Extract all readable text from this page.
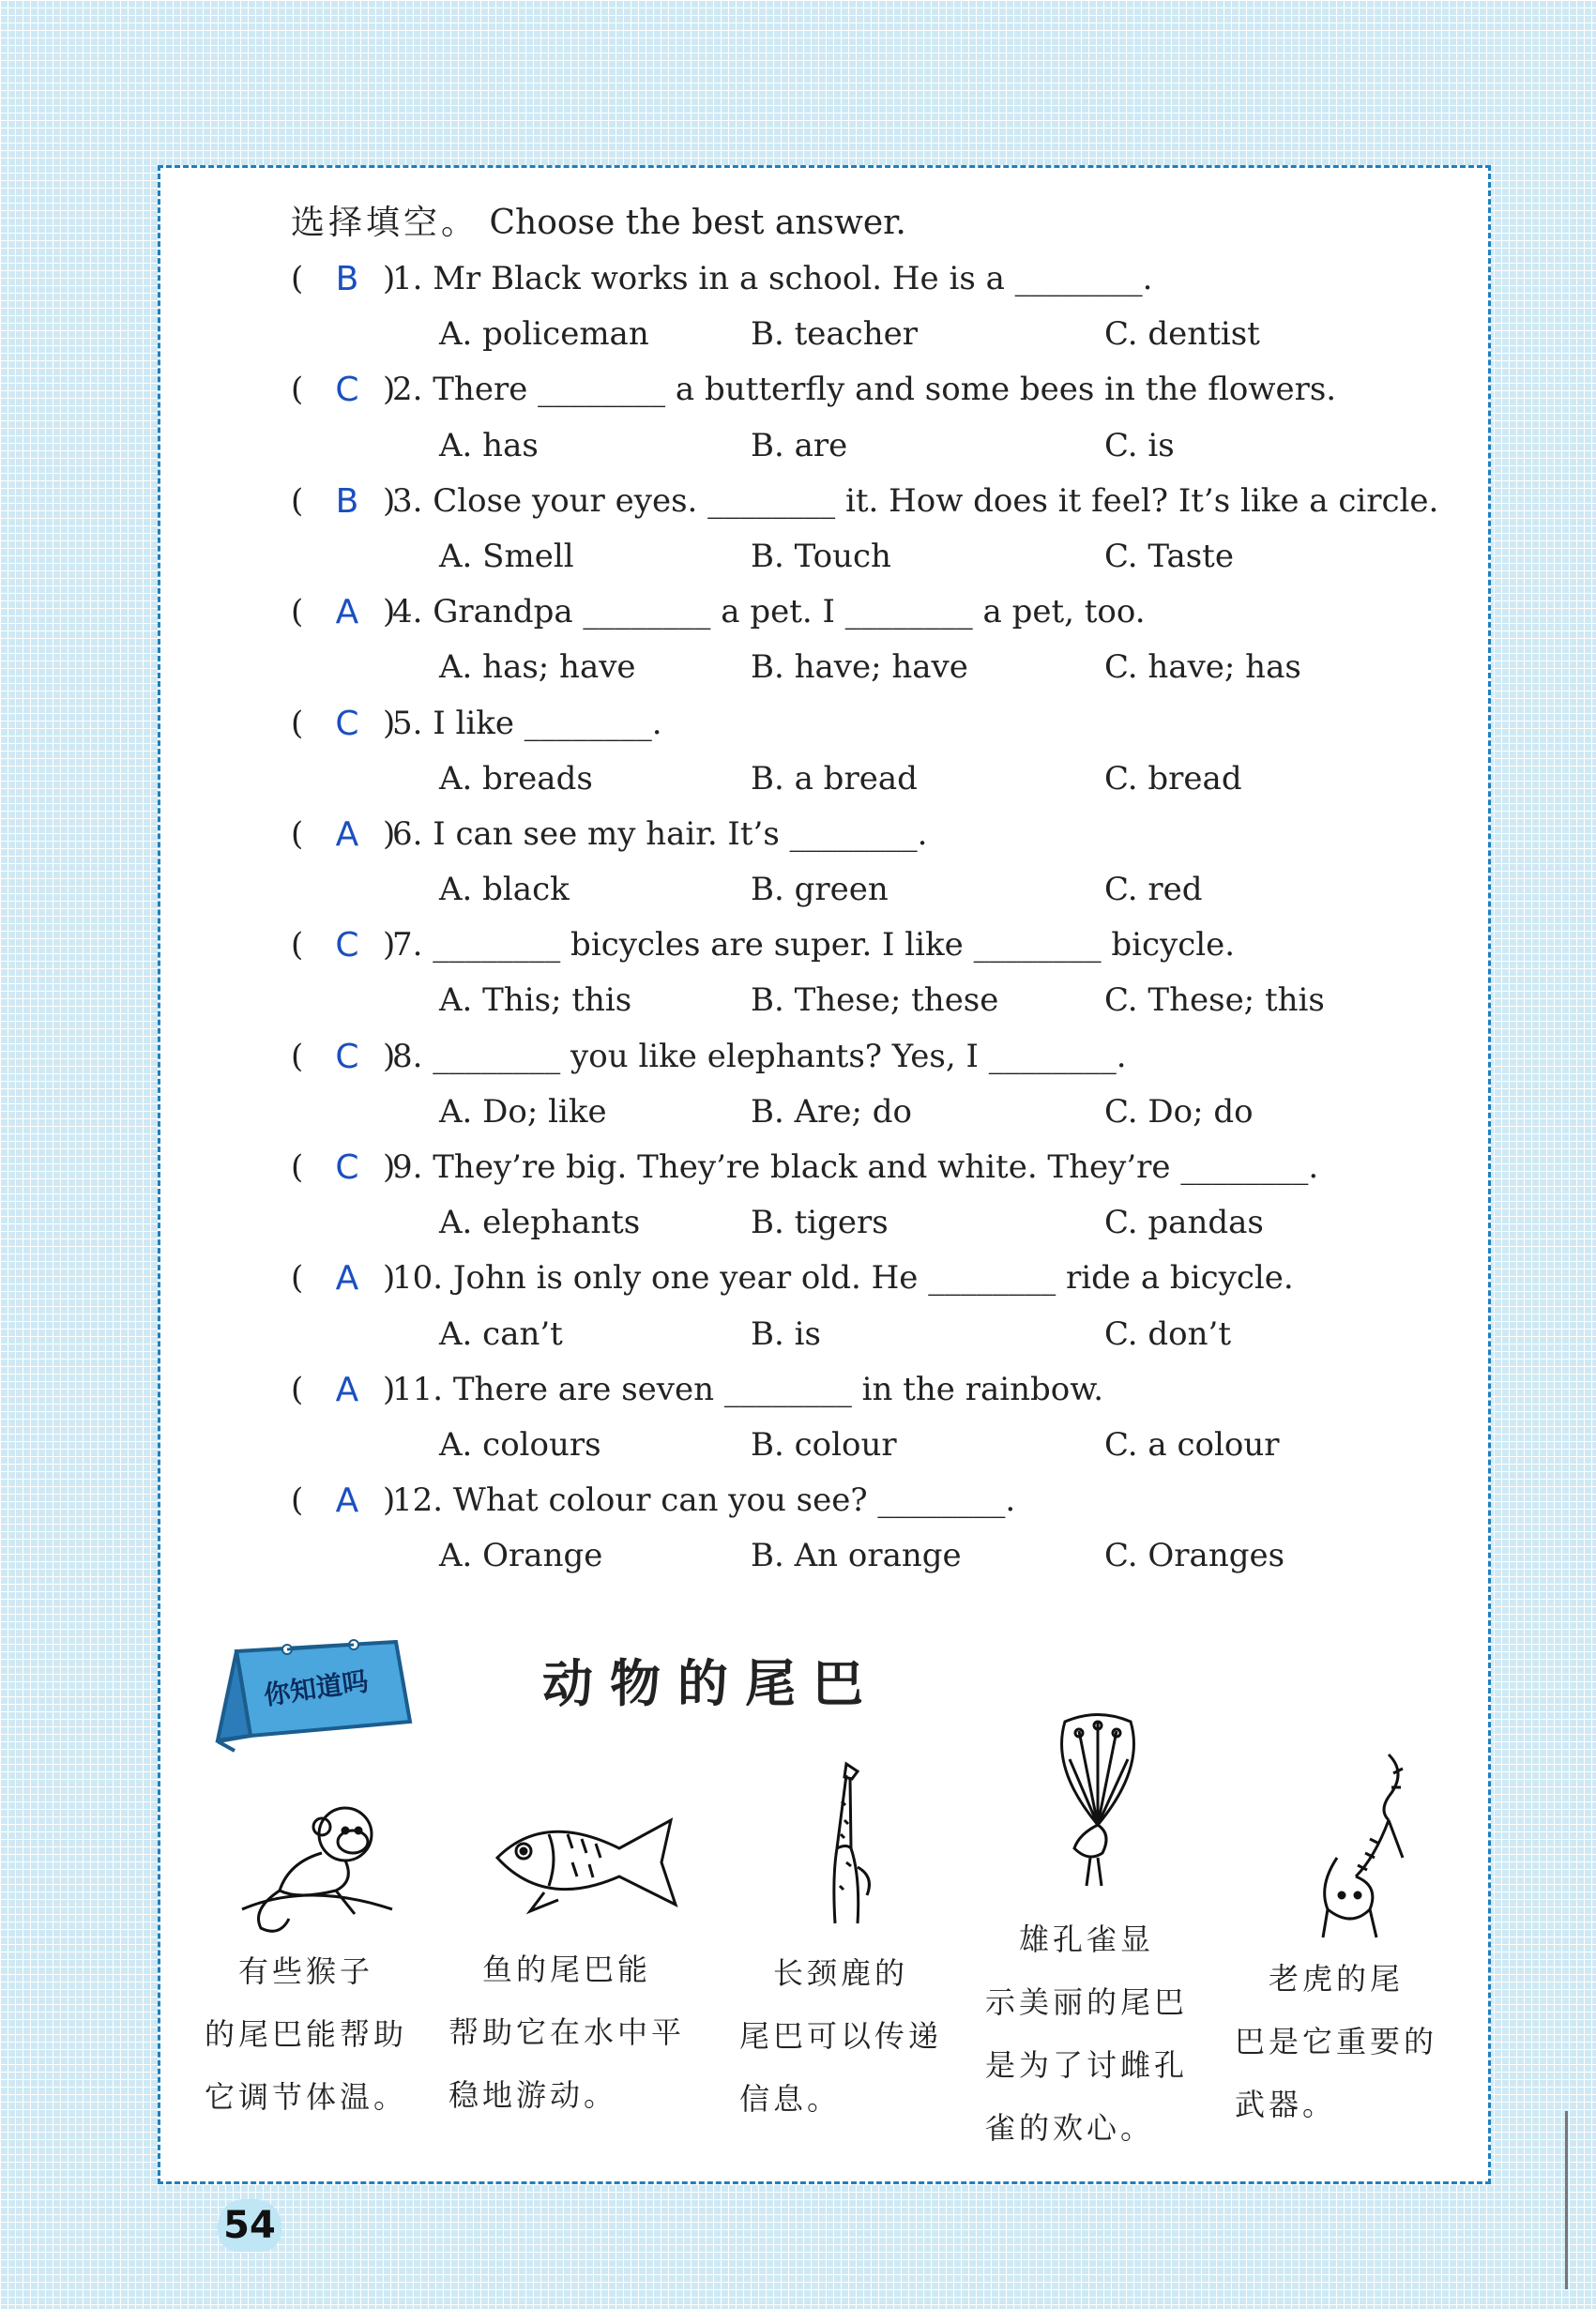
选择填空。 Choose the best answer.
( B )
1. Mr Black works in a school. He is a ________.
A. policeman	B. teacher	C. dentist
( C )
2. There ________ a butterfly and some bees in the flowers.
A. has	B. are	C. is
( B )
3. Close your eyes. ________ it. How does it feel? It’s like a circle.
A. Smell	B. Touch	C. Taste
( A )
4. Grandpa ________ a pet. I ________ a pet, too.
A. has; have	B. have; have	C. have; has
( C )
5. I like ________.
A. breads	B. a bread	C. bread
( A )
6. I can see my hair. It’s ________.
A. black	B. green	C. red
( C )
7. ________ bicycles are super. I like ________ bicycle.
A. This; this	B. These; these	C. These; this
( C )
8. ________ you like elephants? Yes, I ________.
A. Do; like	B. Are; do	C. Do; do
( C )
9. They’re big. They’re black and white. They’re ________.
A. elephants	B. tigers	C. pandas
( A )
10. John is only one year old. He ________ ride a bicycle.
A. can’t	B. is	C. don’t
( A )
11. There are seven ________ in the rainbow.
A. colours	B. colour	C. a colour
( A )
12. What colour can you see? ________.
A. Orange	B. An orange	C. Oranges
你知道吗	动物的尾巴
　有些猴子
的尾巴能帮助
它调节体温。
　鱼的尾巴能
帮助它在水中平
稳地游动。
　长颈鹿的
尾巴可以传递
信息。
　雄孔雀显
示美丽的尾巴
是为了讨雌孔
雀的欢心。
　老虎的尾
巴是它重要的
武器。
54
